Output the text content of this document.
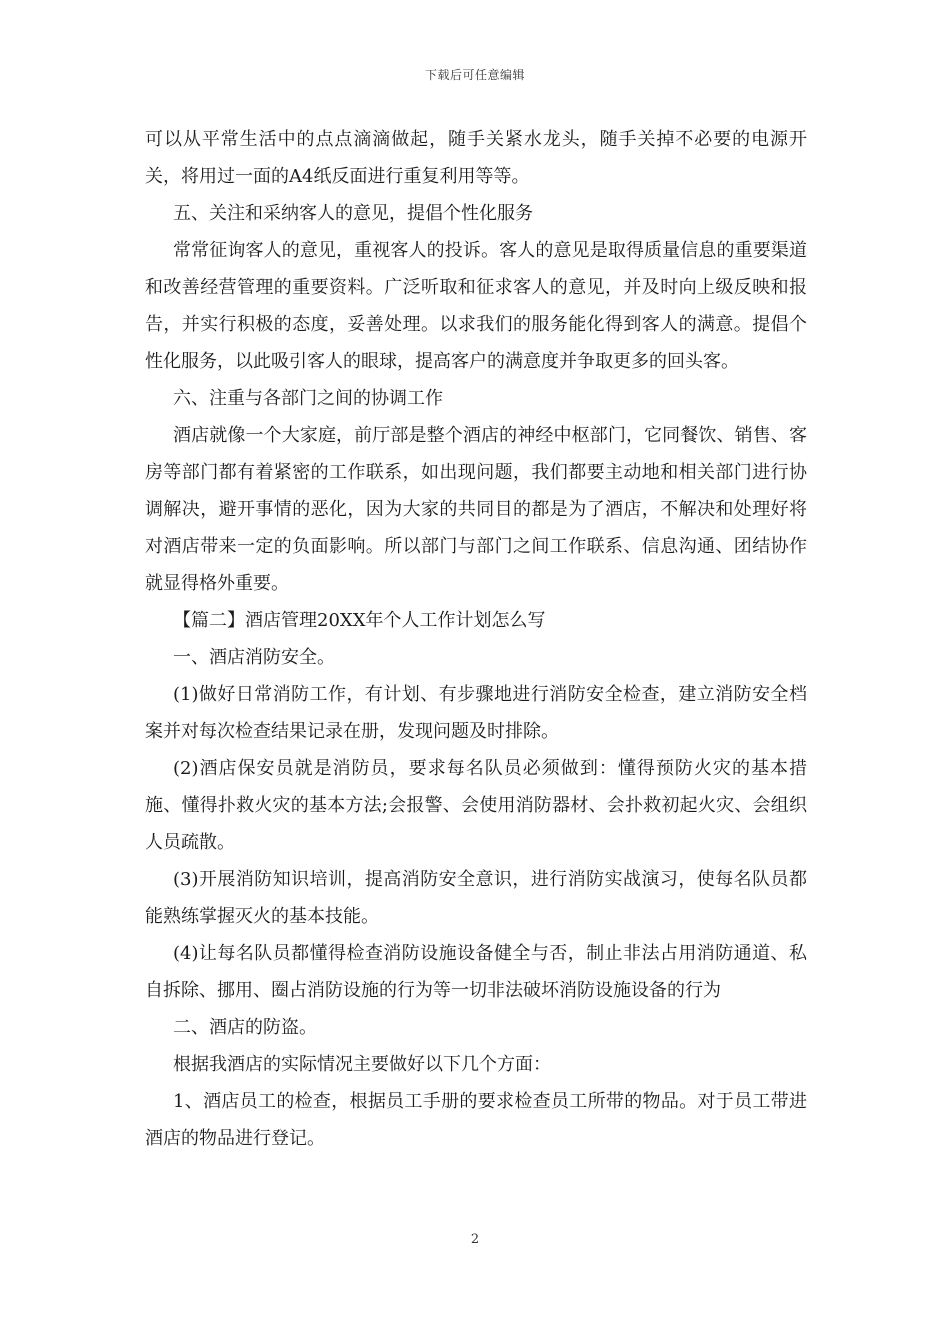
下载后可任意编辑

可以从平常生活中的点点滴滴做起，随手关紧水龙头，随手关掉不必要的电源开关，将用过一面的A4纸反面进行重复利用等等。

五、关注和采纳客人的意见，提倡个性化服务

常常征询客人的意见，重视客人的投诉。客人的意见是取得质量信息的重要渠道和改善经营管理的重要资料。广泛听取和征求客人的意见，并及时向上级反映和报告，并实行积极的态度，妥善处理。以求我们的服务能化得到客人的满意。提倡个性化服务，以此吸引客人的眼球，提高客户的满意度并争取更多的回头客。

六、注重与各部门之间的协调工作

酒店就像一个大家庭，前厅部是整个酒店的神经中枢部门，它同餐饮、销售、客房等部门都有着紧密的工作联系，如出现问题，我们都要主动地和相关部门进行协调解决，避开事情的恶化，因为大家的共同目的都是为了酒店，不解决和处理好将对酒店带来一定的负面影响。所以部门与部门之间工作联系、信息沟通、团结协作就显得格外重要。

【篇二】酒店管理20XX年个人工作计划怎么写

一、酒店消防安全。

(1)做好日常消防工作，有计划、有步骤地进行消防安全检查，建立消防安全档案并对每次检查结果记录在册，发现问题及时排除。

(2)酒店保安员就是消防员，要求每名队员必须做到：懂得预防火灾的基本措施、懂得扑救火灾的基本方法;会报警、会使用消防器材、会扑救初起火灾、会组织人员疏散。

(3)开展消防知识培训，提高消防安全意识，进行消防实战演习，使每名队员都能熟练掌握灭火的基本技能。

(4)让每名队员都懂得检查消防设施设备健全与否，制止非法占用消防通道、私自拆除、挪用、圈占消防设施的行为等一切非法破坏消防设施设备的行为

二、酒店的防盗。

根据我酒店的实际情况主要做好以下几个方面：

1、酒店员工的检查，根据员工手册的要求检查员工所带的物品。对于员工带进酒店的物品进行登记。

2
